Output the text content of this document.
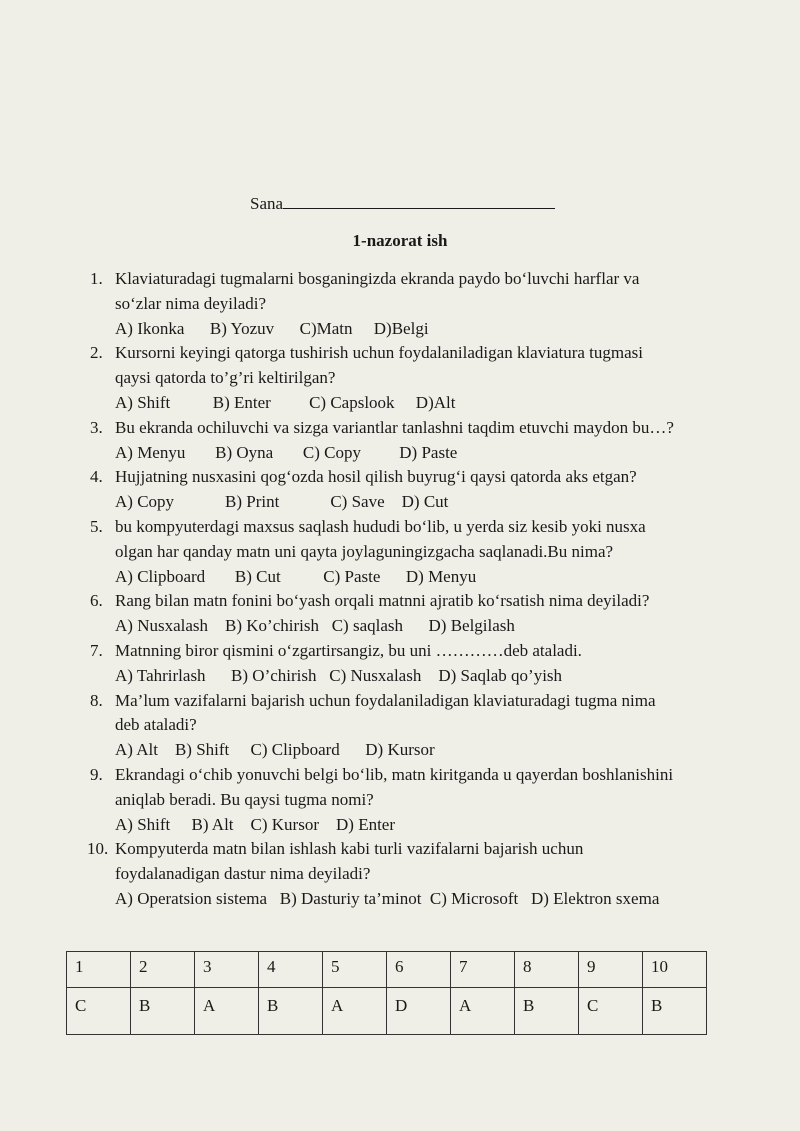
Sana
1-nazorat ish
1. Klaviaturadagi tugmalarni bosganingizda ekranda paydo bo‘luvchi harflar va
so‘zlar nima deyiladi?
A) Ikonka      B) Yozuv      C)Matn     D)Belgi
2. Kursorni keyingi qatorga tushirish uchun foydalaniladigan klaviatura tugmasi
qaysi qatorda to’g’ri keltirilgan?
A) Shift          B) Enter         C) Capslook     D)Alt
3. Bu ekranda ochiluvchi va sizga variantlar tanlashni taqdim etuvchi maydon bu…?
A) Menyu       B) Oyna       C) Copy         D) Paste
4. Hujjatning nusxasini qog‘ozda hosil qilish buyrug‘i qaysi qatorda aks etgan?
A) Copy            B) Print            C) Save    D) Cut
5. bu kompyuterdagi maxsus saqlash hududi bo‘lib, u yerda siz kesib yoki nusxa
olgan har qanday matn uni qayta joylaguningizgacha saqlanadi.Bu nima?
A) Clipboard       B) Cut          C) Paste      D) Menyu
6. Rang bilan matn fonini bo‘yash orqali matnni ajratib ko‘rsatish nima deyiladi?
A) Nusxalash    B) Ko’chirish   C) saqlash      D) Belgilash
7. Matnning biror qismini o‘zgartirsangiz, bu uni …………deb ataladi.
A) Tahrirlash      B) O’chirish   C) Nusxalash    D) Saqlab qo’yish
8. Ma’lum vazifalarni bajarish uchun foydalaniladigan klaviaturadagi tugma nima
deb ataladi?
A) Alt    B) Shift     C) Clipboard      D) Kursor
9. Ekrandagi o‘chib yonuvchi belgi bo‘lib, matn kiritganda u qayerdan boshlanishini
aniqlab beradi. Bu qaysi tugma nomi?
A) Shift     B) Alt    C) Kursor    D) Enter
10. Kompyuterda matn bilan ishlash kabi turli vazifalarni bajarish uchun
foydalanadigan dastur nima deyiladi?
A) Operatsion sistema   B) Dasturiy ta’minot  C) Microsoft   D) Elektron sxema
1	2	3	4	5	6	7	8	9	10
C	B	A	B	A	D	A	B	C	B
